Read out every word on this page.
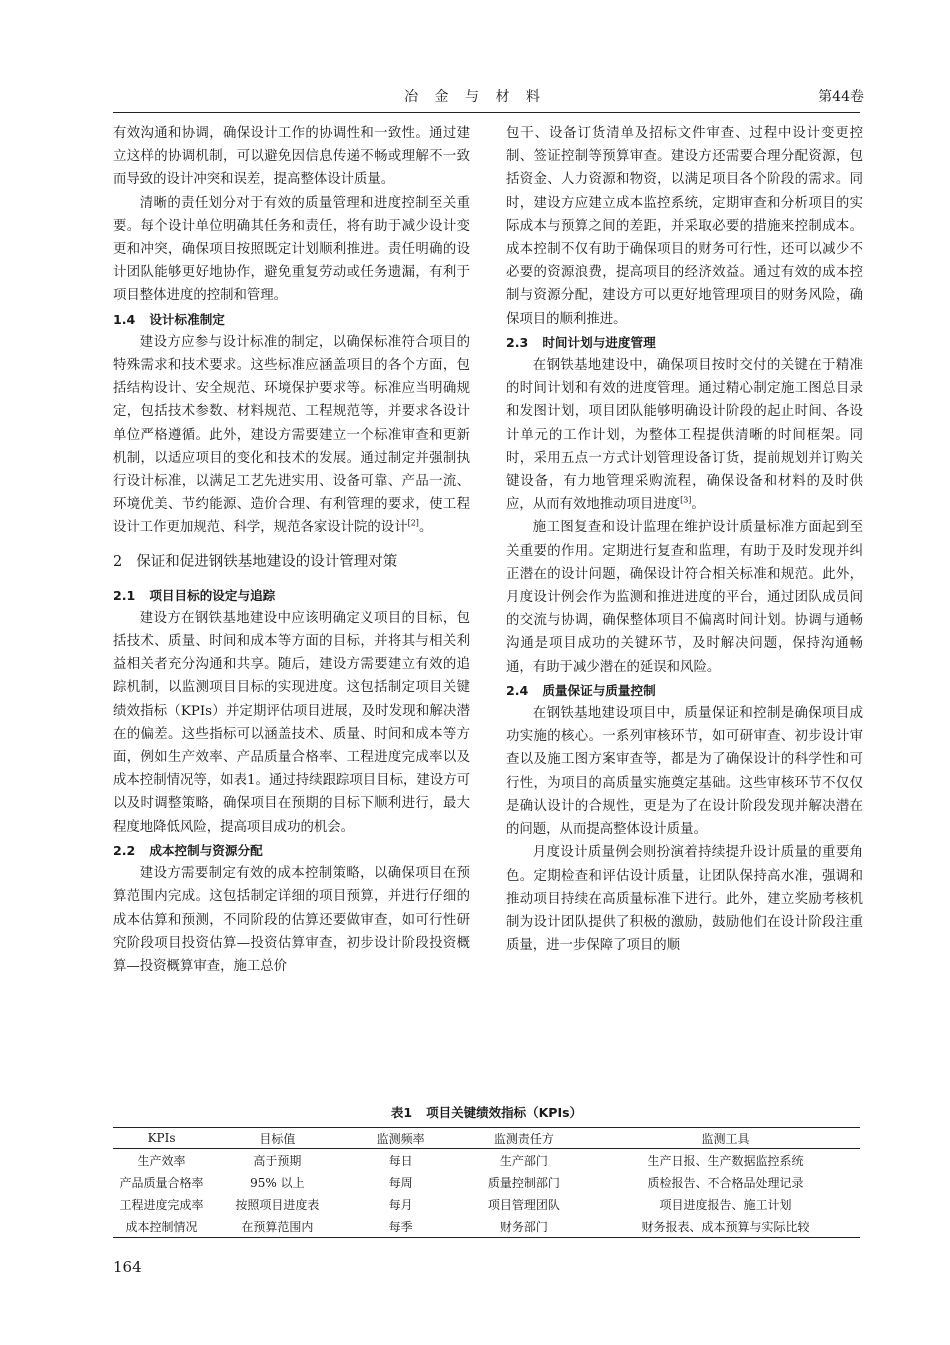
冶 金 与 材 料	第44卷

有效沟通和协调，确保设计工作的协调性和一致性。通过建立这样的协调机制，可以避免因信息传递不畅或理解不一致而导致的设计冲突和误差，提高整体设计质量。

清晰的责任划分对于有效的质量管理和进度控制至关重要。每个设计单位明确其任务和责任，将有助于减少设计变更和冲突，确保项目按照既定计划顺利推进。责任明确的设计团队能够更好地协作，避免重复劳动或任务遗漏，有利于项目整体进度的控制和管理。

1.4 设计标准制定

建设方应参与设计标准的制定，以确保标准符合项目的特殊需求和技术要求。这些标准应涵盖项目的各个方面，包括结构设计、安全规范、环境保护要求等。标准应当明确规定，包括技术参数、材料规范、工程规范等，并要求各设计单位严格遵循。此外，建设方需要建立一个标准审查和更新机制，以适应项目的变化和技术的发展。通过制定并强制执行设计标准，以满足工艺先进实用、设备可靠、产品一流、环境优美、节约能源、造价合理、有利管理的要求，使工程设计工作更加规范、科学，规范各家设计院的设计[2]。

2 保证和促进钢铁基地建设的设计管理对策
2.1 项目目标的设定与追踪

建设方在钢铁基地建设中应该明确定义项目的目标，包括技术、质量、时间和成本等方面的目标，并将其与相关利益相关者充分沟通和共享。随后，建设方需要建立有效的追踪机制，以监测项目目标的实现进度。这包括制定项目关键绩效指标（KPIs）并定期评估项目进展，及时发现和解决潜在的偏差。这些指标可以涵盖技术、质量、时间和成本等方面，例如生产效率、产品质量合格率、工程进度完成率以及成本控制情况等，如表1。通过持续跟踪项目目标，建设方可以及时调整策略，确保项目在预期的目标下顺利进行，最大程度地降低风险，提高项目成功的机会。

2.2 成本控制与资源分配

建设方需要制定有效的成本控制策略，以确保项目在预算范围内完成。这包括制定详细的项目预算，并进行仔细的成本估算和预测，不同阶段的估算还要做审查，如可行性研究阶段项目投资估算—投资估算审查，初步设计阶段投资概算—投资概算审查，施工总价

包干、设备订货清单及招标文件审查、过程中设计变更控制、签证控制等预算审查。建设方还需要合理分配资源，包括资金、人力资源和物资，以满足项目各个阶段的需求。同时，建设方应建立成本监控系统，定期审查和分析项目的实际成本与预算之间的差距，并采取必要的措施来控制成本。成本控制不仅有助于确保项目的财务可行性，还可以减少不必要的资源浪费，提高项目的经济效益。通过有效的成本控制与资源分配，建设方可以更好地管理项目的财务风险，确保项目的顺利推进。

2.3 时间计划与进度管理

在钢铁基地建设中，确保项目按时交付的关键在于精准的时间计划和有效的进度管理。通过精心制定施工图总目录和发图计划，项目团队能够明确设计阶段的起止时间、各设计单元的工作计划，为整体工程提供清晰的时间框架。同时，采用五点一方式计划管理设备订货，提前规划并订购关键设备，有力地管理采购流程，确保设备和材料的及时供应，从而有效地推动项目进度[3]。

施工图复查和设计监理在维护设计质量标准方面起到至关重要的作用。定期进行复查和监理，有助于及时发现并纠正潜在的设计问题，确保设计符合相关标准和规范。此外，月度设计例会作为监测和推进进度的平台，通过团队成员间的交流与协调，确保整体项目不偏离时间计划。协调与通畅沟通是项目成功的关键环节，及时解决问题，保持沟通畅通，有助于减少潜在的延误和风险。

2.4 质量保证与质量控制

在钢铁基地建设项目中，质量保证和控制是确保项目成功实施的核心。一系列审核环节，如可研审查、初步设计审查以及施工图方案审查等，都是为了确保设计的科学性和可行性，为项目的高质量实施奠定基础。这些审核环节不仅仅是确认设计的合规性，更是为了在设计阶段发现并解决潜在的问题，从而提高整体设计质量。

月度设计质量例会则扮演着持续提升设计质量的重要角色。定期检查和评估设计质量，让团队保持高水准，强调和推动项目持续在高质量标准下进行。此外，建立奖励考核机制为设计团队提供了积极的激励，鼓励他们在设计阶段注重质量，进一步保障了项目的顺

表1 项目关键绩效指标（KPIs）
KPIs	目标值	监测频率	监测责任方	监测工具
生产效率	高于预期	每日	生产部门	生产日报、生产数据监控系统
产品质量合格率	95% 以上	每周	质量控制部门	质检报告、不合格品处理记录
工程进度完成率	按照项目进度表	每月	项目管理团队	项目进度报告、施工计划
成本控制情况	在预算范围内	每季	财务部门	财务报表、成本预算与实际比较
164
